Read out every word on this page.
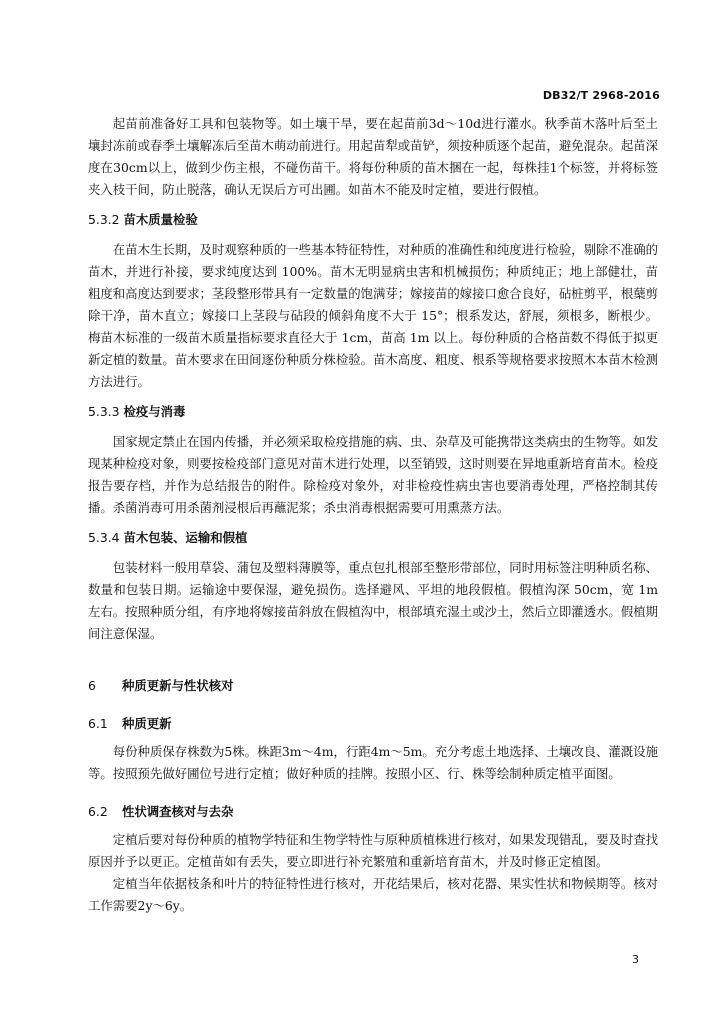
DB32/T 2968-2016

起苗前准备好工具和包装物等。如土壤干旱，要在起苗前3d～10d进行灌水。秋季苗木落叶后至土壤封冻前或春季土壤解冻后至苗木萌动前进行。用起苗犁或苗铲，须按种质逐个起苗，避免混杂。起苗深度在30cm以上，做到少伤主根，不碰伤苗干。将每份种质的苗木捆在一起，每株挂1个标签，并将标签夹入枝干间，防止脱落，确认无误后方可出圃。如苗木不能及时定植，要进行假植。

5.3.2 苗木质量检验

在苗木生长期，及时观察种质的一些基本特征特性，对种质的准确性和纯度进行检验，剔除不准确的苗木，并进行补接，要求纯度达到 100%。苗木无明显病虫害和机械损伤；种质纯正；地上部健壮，苗粗度和高度达到要求；茎段整形带具有一定数量的饱满芽；嫁接苗的嫁接口愈合良好，砧桩剪平，根蘖剪除干净，苗木直立；嫁接口上茎段与砧段的倾斜角度不大于 15°；根系发达，舒展，须根多，断根少。梅苗木标准的一级苗木质量指标要求直径大于 1cm，苗高 1m 以上。每份种质的合格苗数不得低于拟更新定植的数量。苗木要求在田间逐份种质分株检验。苗木高度、粗度、根系等规格要求按照木本苗木检测方法进行。

5.3.3 检疫与消毒

国家规定禁止在国内传播，并必须采取检疫措施的病、虫、杂草及可能携带这类病虫的生物等。如发现某种检疫对象，则要按检疫部门意见对苗木进行处理，以至销毁，这时则要在异地重新培育苗木。检疫报告要存档，并作为总结报告的附件。除检疫对象外，对非检疫性病虫害也要消毒处理，严格控制其传播。杀菌消毒可用杀菌剂浸根后再蘸泥浆；杀虫消毒根据需要可用熏蒸方法。

5.3.4 苗木包装、运输和假植

包装材料一般用草袋、蒲包及塑料薄膜等，重点包扎根部至整形带部位，同时用标签注明种质名称、数量和包装日期。运输途中要保湿，避免损伤。选择避风、平坦的地段假植。假植沟深 50cm，宽 1m 左右。按照种质分组，有序地将嫁接苗斜放在假植沟中，根部填充湿土或沙土，然后立即灌透水。假植期间注意保湿。

6 种质更新与性状核对
6.1 种质更新

每份种质保存株数为5株。株距3m～4m，行距4m～5m。充分考虑土地选择、土壤改良、灌溉设施等。按照预先做好圃位号进行定植；做好种质的挂牌。按照小区、行、株等绘制种质定植平面图。

6.2 性状调查核对与去杂

定植后要对每份种质的植物学特征和生物学特性与原种质植株进行核对，如果发现错乱，要及时查找原因并予以更正。定植苗如有丢失，要立即进行补充繁殖和重新培育苗木，并及时修正定植图。

定植当年依据枝条和叶片的特征特性进行核对，开花结果后，核对花器、果实性状和物候期等。核对工作需要2y～6y。

3
